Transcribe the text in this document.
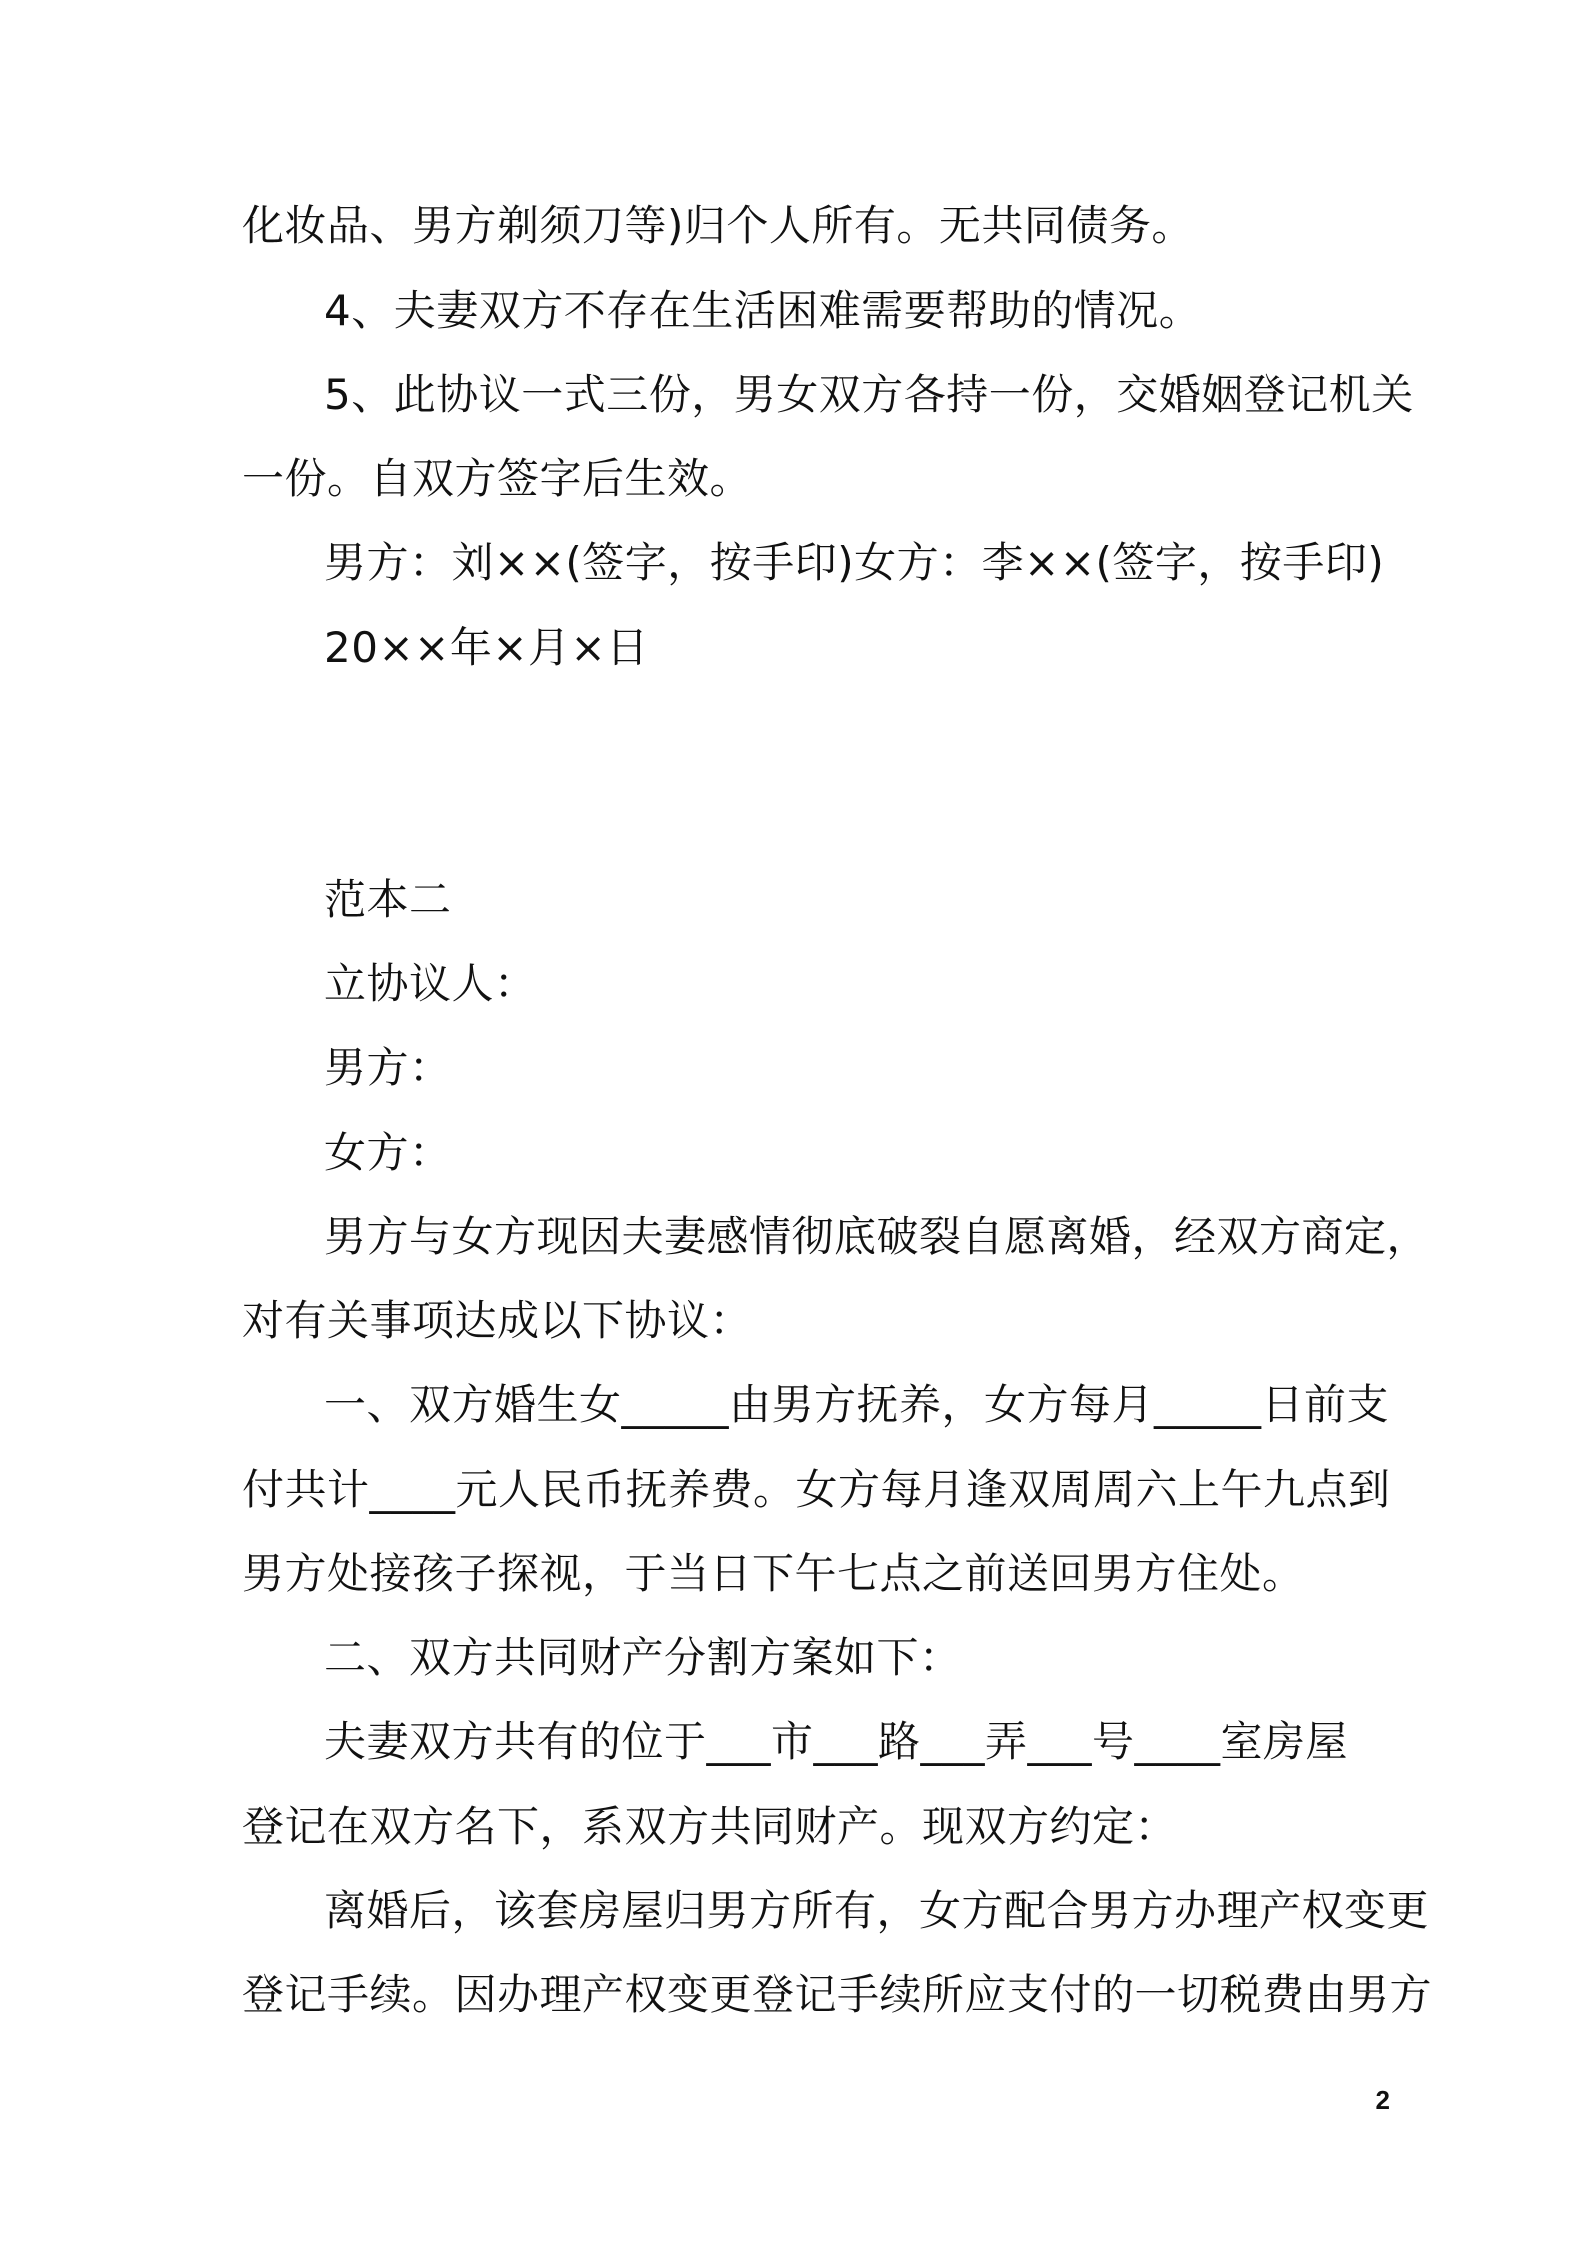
化妆品、男方剃须刀等)归个人所有。无共同债务。
4、夫妻双方不存在生活困难需要帮助的情况。
5、此协议一式三份，男女双方各持一份，交婚姻登记机关
一份。自双方签字后生效。
男方：刘××(签字，按手印)女方：李××(签字，按手印)
20××年×月×日
范本二
立协议人：
男方：
女方：
男方与女方现因夫妻感情彻底破裂自愿离婚，经双方商定，
对有关事项达成以下协议：
一、双方婚生女_____由男方抚养，女方每月_____日前支
付共计____元人民币抚养费。女方每月逢双周周六上午九点到
男方处接孩子探视，于当日下午七点之前送回男方住处。
二、双方共同财产分割方案如下：
夫妻双方共有的位于___市___路___弄___号____室房屋
登记在双方名下，系双方共同财产。现双方约定：
离婚后，该套房屋归男方所有，女方配合男方办理产权变更
登记手续。因办理产权变更登记手续所应支付的一切税费由男方
2
